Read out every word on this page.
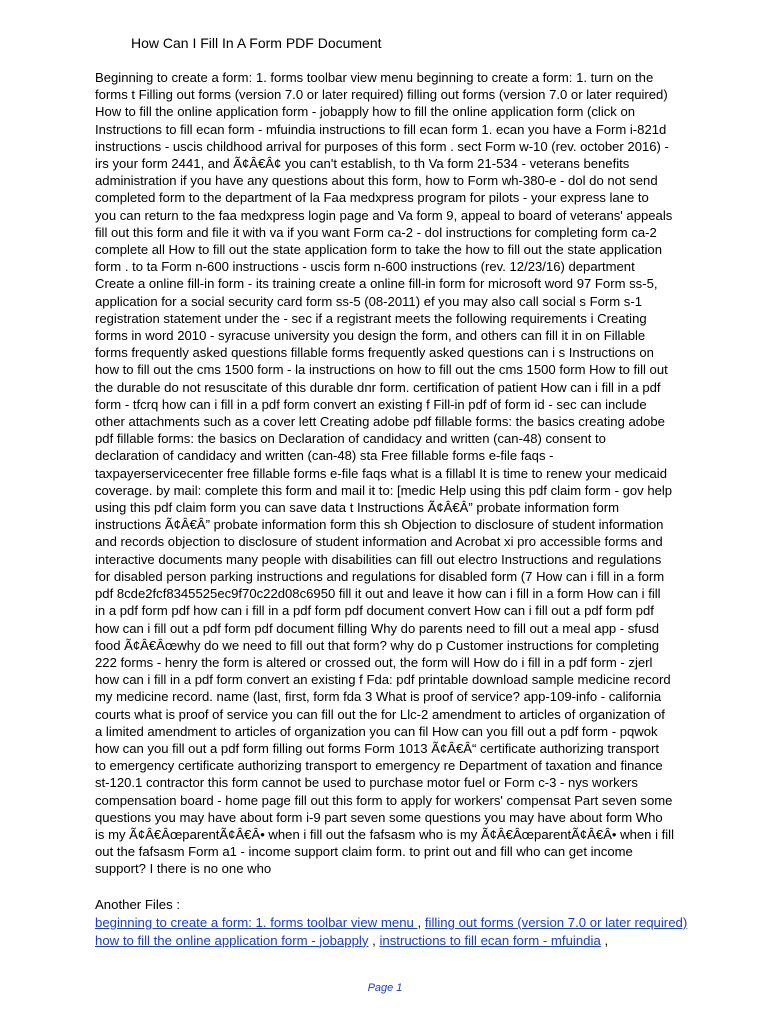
How Can I Fill In A Form PDF Document

Beginning to create a form: 1. forms toolbar view menu beginning to create a form: 1. turn on the
forms t Filling out forms (version 7.0 or later required) filling out forms (version 7.0 or later required)
How to fill the online application form - jobapply how to fill the online application form (click on
Instructions to fill ecan form - mfuindia instructions to fill ecan form 1. ecan you have a Form i-821d
instructions - uscis childhood arrival for purposes of this form . sect Form w-10 (rev. october 2016) -
irs your form 2441, and Ã¢Â€Â¢ you can't establish, to th Va form 21-534 - veterans benefits
administration if you have any questions about this form, how to Form wh-380-e - dol do not send
completed form to the department of la Faa medxpress program for pilots - your express lane to
you can return to the faa medxpress login page and Va form 9, appeal to board of veterans' appeals
fill out this form and file it with va if you want Form ca-2 - dol instructions for completing form ca-2
complete all How to fill out the state application form to take the how to fill out the state application
form . to ta Form n-600 instructions - uscis form n-600 instructions (rev. 12/23/16) department
Create a online fill-in form - its training create a online fill-in form for microsoft word 97 Form ss-5,
application for a social security card form ss-5 (08-2011) ef you may also call social s Form s-1
registration statement under the - sec if a registrant meets the following requirements i Creating
forms in word 2010 - syracuse university you design the form, and others can fill it in on Fillable
forms frequently asked questions fillable forms frequently asked questions can i s Instructions on
how to fill out the cms 1500 form - la instructions on how to fill out the cms 1500 form How to fill out
the durable do not resuscitate of this durable dnr form. certification of patient How can i fill in a pdf
form - tfcrq how can i fill in a pdf form convert an existing f Fill-in pdf of form id - sec can include
other attachments such as a cover lett Creating adobe pdf fillable forms: the basics creating adobe
pdf fillable forms: the basics on Declaration of candidacy and written (can-48) consent to
declaration of candidacy and written (can-48) sta Free fillable forms e-file faqs -
taxpayerservicecenter free fillable forms e-file faqs what is a fillabl It is time to renew your medicaid
coverage. by mail: complete this form and mail it to: [medic Help using this pdf claim form - gov help
using this pdf claim form you can save data t Instructions Ã¢Â€Â” probate information form
instructions Ã¢Â€Â” probate information form this sh Objection to disclosure of student information
and records objection to disclosure of student information and Acrobat xi pro accessible forms and
interactive documents many people with disabilities can fill out electro Instructions and regulations
for disabled person parking instructions and regulations for disabled form (7 How can i fill in a form
pdf 8cde2fcf8345525ec9f70c22d08c6950 fill it out and leave it how can i fill in a form How can i fill
in a pdf form pdf how can i fill in a pdf form pdf document convert How can i fill out a pdf form pdf
how can i fill out a pdf form pdf document filling Why do parents need to fill out a meal app - sfusd
food Ã¢Â€Âœwhy do we need to fill out that form? why do p Customer instructions for completing
222 forms - henry the form is altered or crossed out, the form will How do i fill in a pdf form - zjerl
how can i fill in a pdf form convert an existing f Fda: pdf printable download sample medicine record
my medicine record. name (last, first, form fda 3 What is proof of service? app-109-info - california
courts what is proof of service you can fill out the for Llc-2 amendment to articles of organization of
a limited amendment to articles of organization you can fil How can you fill out a pdf form - pqwok
how can you fill out a pdf form filling out forms Form 1013 Ã¢Â€Â“ certificate authorizing transport
to emergency certificate authorizing transport to emergency re Department of taxation and finance
st-120.1 contractor this form cannot be used to purchase motor fuel or Form c-3 - nys workers
compensation board - home page fill out this form to apply for workers' compensat Part seven some
questions you may have about form i-9 part seven some questions you may have about form Who
is my Ã¢Â€ÂœparentÃ¢Â€Â• when i fill out the fafsasm who is my Ã¢Â€ÂœparentÃ¢Â€Â• when i fill
out the fafsasm Form a1 - income support claim form. to print out and fill who can get income
support? I there is no one who

Another Files :
beginning to create a form: 1. forms toolbar view menu , filling out forms (version 7.0 or later required)
how to fill the online application form - jobapply , instructions to fill ecan form - mfuindia ,
Page 1
